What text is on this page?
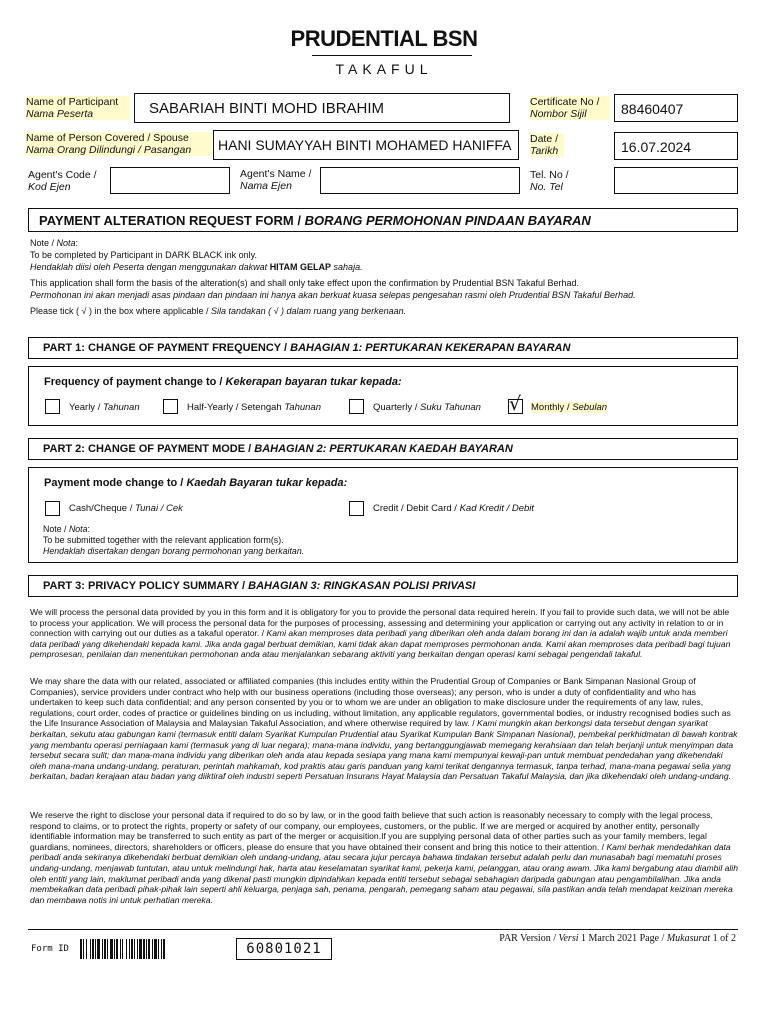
PRUDENTIAL BSN
TAKAFUL
Name of Participant
Nama Peserta	SABARIAH BINTI MOHD IBRAHIM	Certificate No /
Nombor Sijil	88460407
Name of Person Covered / Spouse
Nama Orang Dilindungi / Pasangan	HANI SUMAYYAH BINTI MOHAMED HANIFFA Date /
Tarikh	16.07.2024
Agent's Code /
Kod Ejen
Agent's Name /
Nama Ejen
Tel. No /
No. Tel
PAYMENT ALTERATION REQUEST FORM / BORANG PERMOHONAN PINDAAN BAYARAN
Note / Nota:
To be completed by Participant in DARK BLACK ink only.
Hendaklah diisi oleh Peserta dengan menggunakan dakwat HITAM GELAP sahaja.
This application shall form the basis of the alteration(s) and shall only take effect upon the confirmation by Prudential BSN Takaful Berhad.
Permohonan ini akan menjadi asas pindaan dan pindaan ini hanya akan berkuat kuasa selepas pengesahan rasmi oleh Prudential BSN Takaful Berhad.
Please tick ( √ ) in the box where applicable / Sila tandakan ( √ ) dalam ruang yang berkenaan.
PART 1: CHANGE OF PAYMENT FREQUENCY / BAHAGIAN 1: PERTUKARAN KEKERAPAN BAYARAN
Frequency of payment change to / Kekerapan bayaran tukar kepada:
Yearly / Tahunan	Half-Yearly / Setengah Tahunan	Quarterly / Suku Tahunan √ Monthly / Sebulan
PART 2: CHANGE OF PAYMENT MODE / BAHAGIAN 2: PERTUKARAN KAEDAH BAYARAN
Payment mode change to / Kaedah Bayaran tukar kepada:
Cash/Cheque / Tunai / Cek	Credit / Debit Card / Kad Kredit / Debit
Note / Nota:
To be submitted together with the relevant application form(s).
Hendaklah disertakan dengan borang permohonan yang berkaitan.
PART 3: PRIVACY POLICY SUMMARY / BAHAGIAN 3: RINGKASAN POLISI PRIVASI
We will process the personal data provided by you in this form and it is obligatory for you to provide the personal data required herein. If you fail to provide such data, we will not be able to process your application. We will process the personal data for the purposes of processing, assessing and determining your application or carrying out any activity in relation to or in connection with carrying out our duties as a takaful operator. / Kami akan memproses data peribadi yang diberikan oleh anda dalam borang ini dan ia adalah wajib untuk anda memberi data peribadi yang dikehendaki kepada kami. Jika anda gagal berbuat demikian, kami tidak akan dapat memproses permohonan anda. Kami akan memproses data peribadi bagi tujuan pemprosesan, penilaian dan menentukan permohonan anda atau menjalankan sebarang aktiviti yang berkaitan dengan operasi kami sebagai pengendali takaful.
We may share the data with our related, associated or affiliated companies (this includes entity within the Prudential Group of Companies or Bank Simpanan Nasional Group of Companies), service providers under contract who help with our business operations (including those overseas); any person, who is under a duty of confidentiality and who has undertaken to keep such data confidential; and any person consented by you or to whom we are under an obligation to make disclosure under the requirements of any law, rules, regulations, court order, codes of practice or guidelines binding on us including, without limitation, any applicable regulators, governmental bodies, or industry recognised bodies such as the Life Insurance Association of Malaysia and Malaysian Takaful Association, and where otherwise required by law. / Kami mungkin akan berkongsi data tersebut dengan syarikat berkaitan, sekutu atau gabungan kami (termasuk entiti dalam Syarikat Kumpulan Prudential atau Syarikat Kumpulan Bank Simpanan Nasional), pembekal perkhidmatan di bawah kontrak yang membantu operasi perniagaan kami (termasuk yang di luar negara); mana-mana individu, yang bertanggungjawab memegang kerahsiaan dan telah berjanji untuk menyimpan data tersebut secara sulit; dan mana-mana individu yang diberikan oleh anda atau kepada sesiapa yang mana kami mempunyai kewaji-pan untuk membuat pendedahan yang dikehendaki oleh mana-mana undang-undang, peraturan, perintah mahkamah, kod praktis atau garis panduan yang kami terikat dengannya termasuk, tanpa terhad, mana-mana pegawai selia yang berkaitan, badan kerajaan atau badan yang diiktiraf oleh industri seperti Persatuan Insurans Hayat Malaysia dan Persatuan Takaful Malaysia, dan jika dikehendaki oleh undang-undang.
We reserve the right to disclose your personal data if required to do so by law, or in the good faith believe that such action is reasonably necessary to comply with the legal process, respond to claims, or to protect the rights, property or safety of our company, our employees, customers, or the public. If we are merged or acquired by another entity, personally identifiable information may be transferred to such entity as part of the merger or acquisition.If you are supplying personal data of other parties such as your family members, legal guardians, nominees, directors, shareholders or officers, please do ensure that you have obtained their consent and bring this notice to their attention. / Kami berhak mendedahkan data peribadi anda sekiranya dikehendaki berbuat demikian oleh undang-undang, atau secara jujur percaya bahawa tindakan tersebut adalah perlu dan munasabah bagi mematuhi proses undang-undang, menjawab tuntutan, atau untuk melindungi hak, harta atau keselamatan syarikat kami, pekerja kami, pelanggan, atau orang awam. Jika kami bergabung atau diambil alih oleh entiti yang lain, maklumat peribadi anda yang dikenal pasti mungkin dipindahkan kepada entiti tersebut sebagai sebahagian daripada gabungan atau pengambilalihan. Jika anda membekalkan data peribadi pihak-pihak lain seperti ahli keluarga, penjaga sah, penama, pengarah, pemegang saham atau pegawai, sila pastikan anda telah mendapat keizinan mereka dan membawa notis ini untuk perhatian mereka.
Form ID	60801021
PAR Version / Versi 1 March 2021 Page / Mukasurat 1 of 2
